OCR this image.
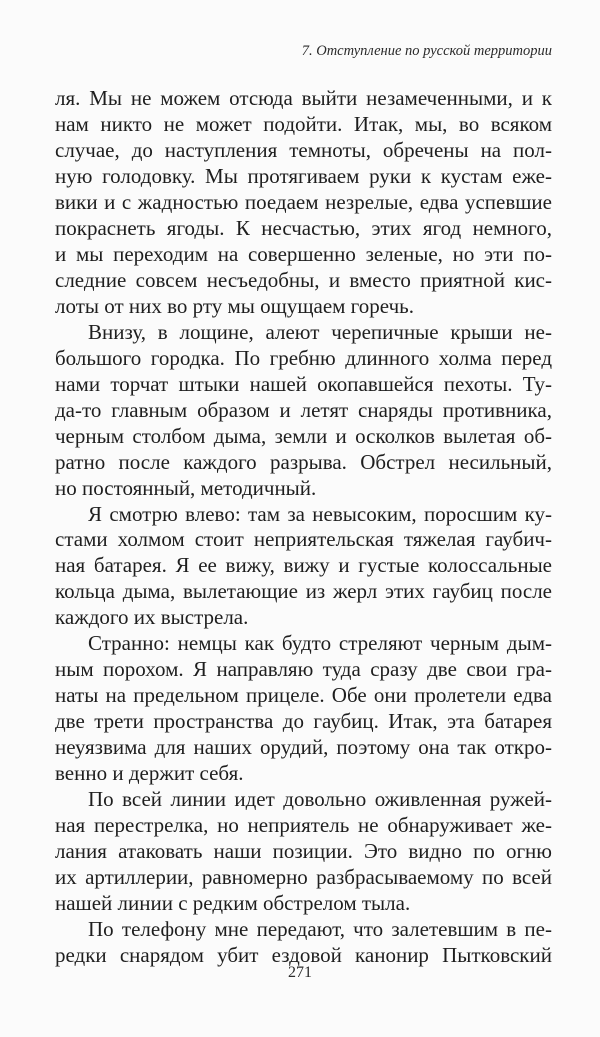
7. Отступление по русской территории
ля. Мы не можем отсюда выйти незамеченными, и к
нам никто не может подойти. Итак, мы, во всяком
случае, до наступления темноты, обречены на пол-
ную голодовку. Мы протягиваем руки к кустам еже-
вики и с жадностью поедаем незрелые, едва успевшие
покраснеть ягоды. К несчастью, этих ягод немного,
и мы переходим на совершенно зеленые, но эти по-
следние совсем несъедобны, и вместо приятной кис-
лоты от них во рту мы ощущаем горечь.
Внизу, в лощине, алеют черепичные крыши не-
большого городка. По гребню длинного холма перед
нами торчат штыки нашей окопавшейся пехоты. Ту-
да-то главным образом и летят снаряды противника,
черным столбом дыма, земли и осколков вылетая об-
ратно после каждого разрыва. Обстрел несильный,
но постоянный, методичный.
Я смотрю влево: там за невысоким, поросшим ку-
стами холмом стоит неприятельская тяжелая гаубич-
ная батарея. Я ее вижу, вижу и густые колоссальные
кольца дыма, вылетающие из жерл этих гаубиц после
каждого их выстрела.
Странно: немцы как будто стреляют черным дым-
ным порохом. Я направляю туда сразу две свои гра-
наты на предельном прицеле. Обе они пролетели едва
две трети пространства до гаубиц. Итак, эта батарея
неуязвима для наших орудий, поэтому она так откро-
венно и держит себя.
По всей линии идет довольно оживленная ружей-
ная перестрелка, но неприятель не обнаруживает же-
лания атаковать наши позиции. Это видно по огню
их артиллерии, равномерно разбрасываемому по всей
нашей линии с редким обстрелом тыла.
По телефону мне передают, что залетевшим в пе-
редки снарядом убит ездовой канонир Пытковский
271
